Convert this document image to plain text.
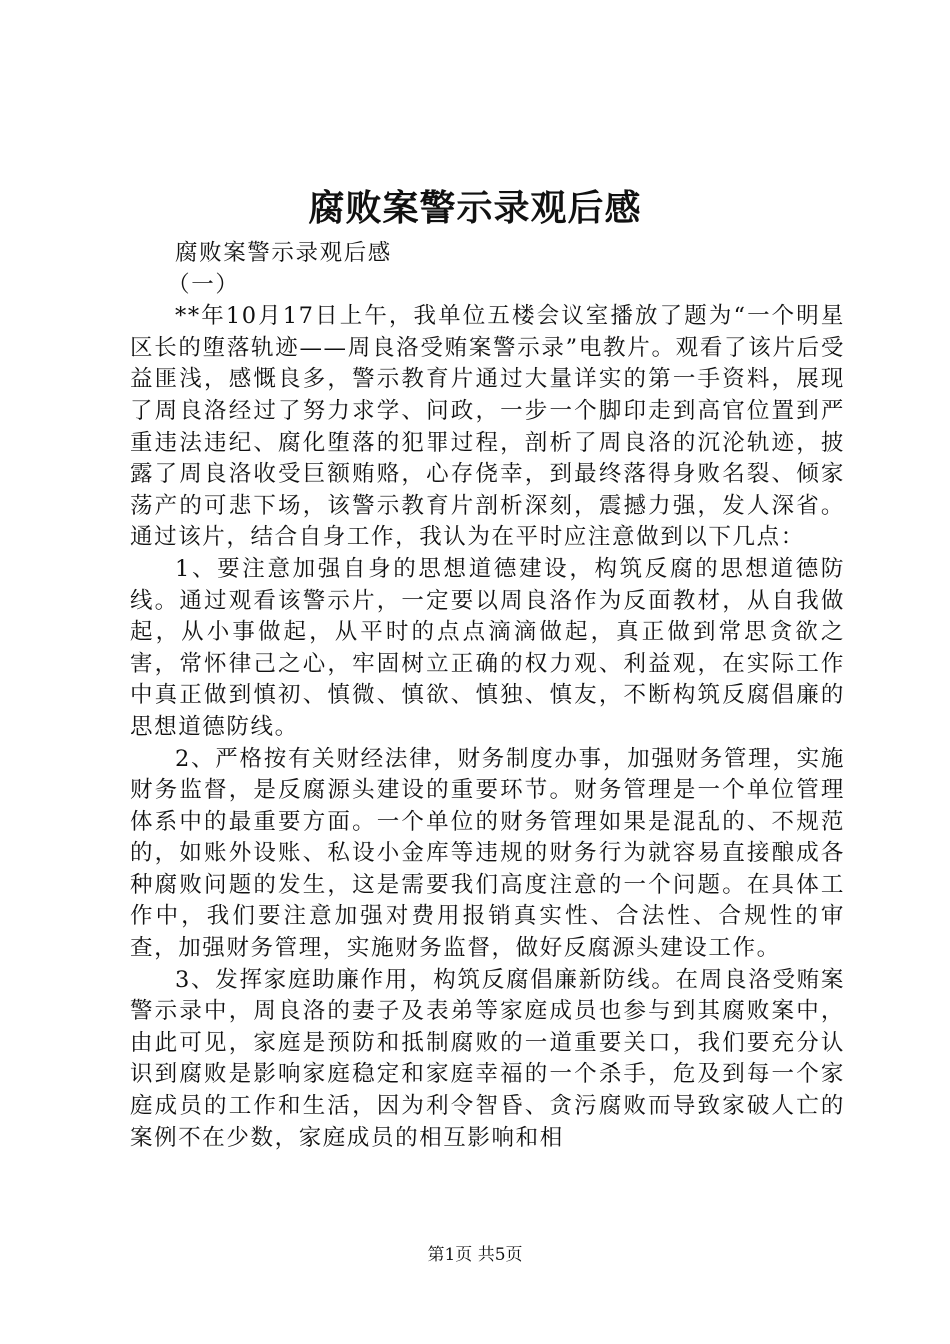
腐败案警示录观后感

腐败案警示录观后感

（一）

**年10月17日上午，我单位五楼会议室播放了题为“一个明星区长的堕落轨迹——周良洛受贿案警示录”电教片。观看了该片后受益匪浅，感慨良多，警示教育片通过大量详实的第一手资料，展现了周良洛经过了努力求学、问政，一步一个脚印走到高官位置到严重违法违纪、腐化堕落的犯罪过程，剖析了周良洛的沉沦轨迹，披露了周良洛收受巨额贿赂，心存侥幸，到最终落得身败名裂、倾家荡产的可悲下场，该警示教育片剖析深刻，震撼力强，发人深省。通过该片，结合自身工作，我认为在平时应注意做到以下几点：

1、要注意加强自身的思想道德建设，构筑反腐的思想道德防线。通过观看该警示片，一定要以周良洛作为反面教材，从自我做起，从小事做起，从平时的点点滴滴做起，真正做到常思贪欲之害，常怀律己之心，牢固树立正确的权力观、利益观，在实际工作中真正做到慎初、慎微、慎欲、慎独、慎友，不断构筑反腐倡廉的思想道德防线。

2、严格按有关财经法律，财务制度办事，加强财务管理，实施财务监督，是反腐源头建设的重要环节。财务管理是一个单位管理体系中的最重要方面。一个单位的财务管理如果是混乱的、不规范的，如账外设账、私设小金库等违规的财务行为就容易直接酿成各种腐败问题的发生，这是需要我们高度注意的一个问题。在具体工作中，我们要注意加强对费用报销真实性、合法性、合规性的审查，加强财务管理，实施财务监督，做好反腐源头建设工作。

3、发挥家庭助廉作用，构筑反腐倡廉新防线。在周良洛受贿案警示录中，周良洛的妻子及表弟等家庭成员也参与到其腐败案中，由此可见，家庭是预防和抵制腐败的一道重要关口，我们要充分认识到腐败是影响家庭稳定和家庭幸福的一个杀手，危及到每一个家庭成员的工作和生活，因为利令智昏、贪污腐败而导致家破人亡的案例不在少数，家庭成员的相互影响和相

第1页 共5页
